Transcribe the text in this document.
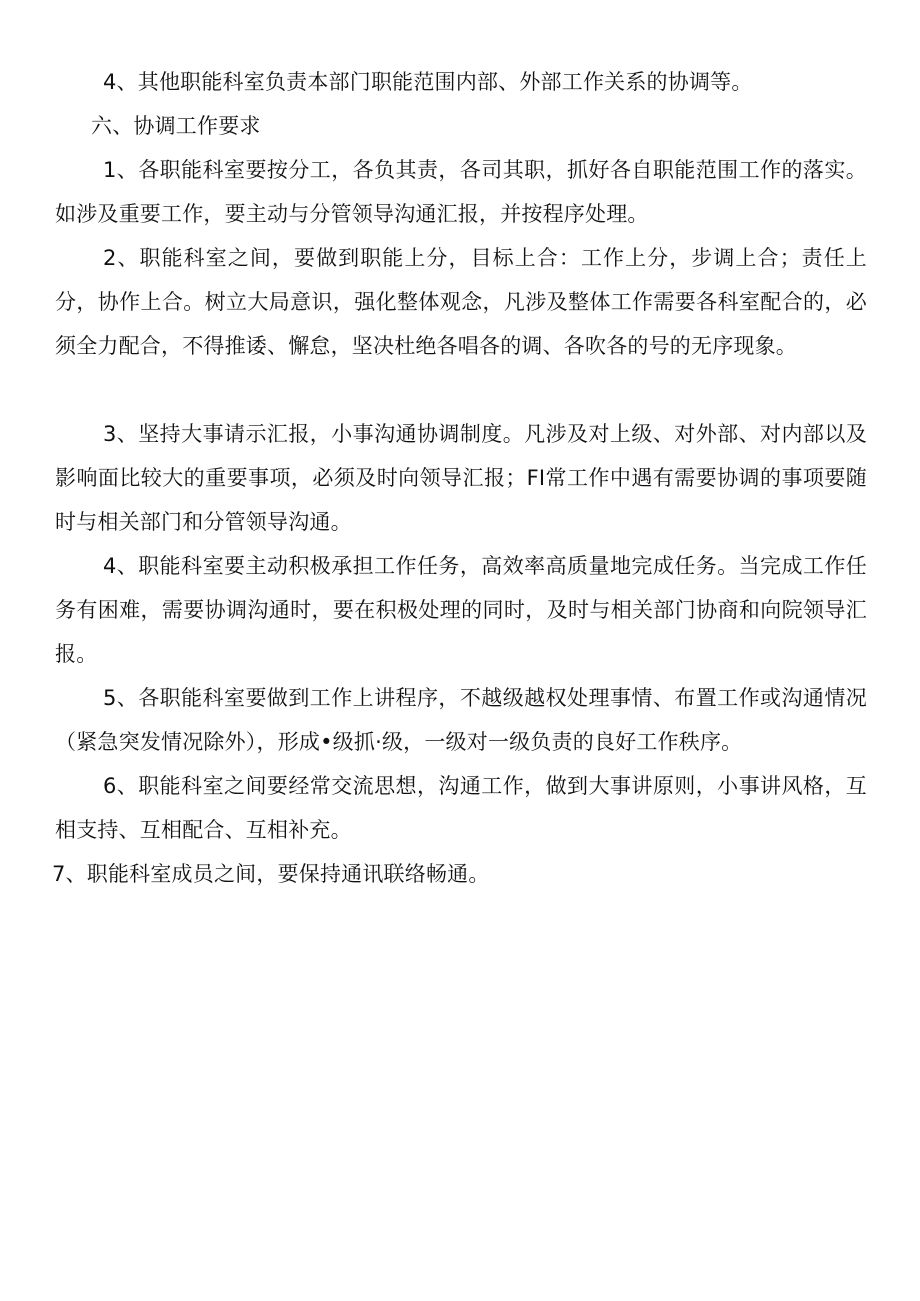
4、其他职能科室负责本部门职能范围内部、外部工作关系的协调等。

六、协调工作要求

1、各职能科室要按分工，各负其责，各司其职，抓好各自职能范围工作的落实。如涉及重要工作，要主动与分管领导沟通汇报，并按程序处理。

2、职能科室之间，要做到职能上分，目标上合：工作上分，步调上合；责任上分，协作上合。树立大局意识，强化整体观念，凡涉及整体工作需要各科室配合的，必须全力配合，不得推诿、懈怠，坚决杜绝各唱各的调、各吹各的号的无序现象。

3、坚持大事请示汇报，小事沟通协调制度。凡涉及对上级、对外部、对内部以及影响面比较大的重要事项，必须及时向领导汇报；FI常工作中遇有需要协调的事项要随时与相关部门和分管领导沟通。

4、职能科室要主动积极承担工作任务，高效率高质量地完成任务。当完成工作任务有困难，需要协调沟通时，要在积极处理的同时，及时与相关部门协商和向院领导汇报。

5、各职能科室要做到工作上讲程序，不越级越权处理事情、布置工作或沟通情况（紧急突发情况除外），形成•级抓·级，一级对一级负责的良好工作秩序。

6、职能科室之间要经常交流思想，沟通工作，做到大事讲原则，小事讲风格，互相支持、互相配合、互相补充。

7、职能科室成员之间，要保持通讯联络畅通。
